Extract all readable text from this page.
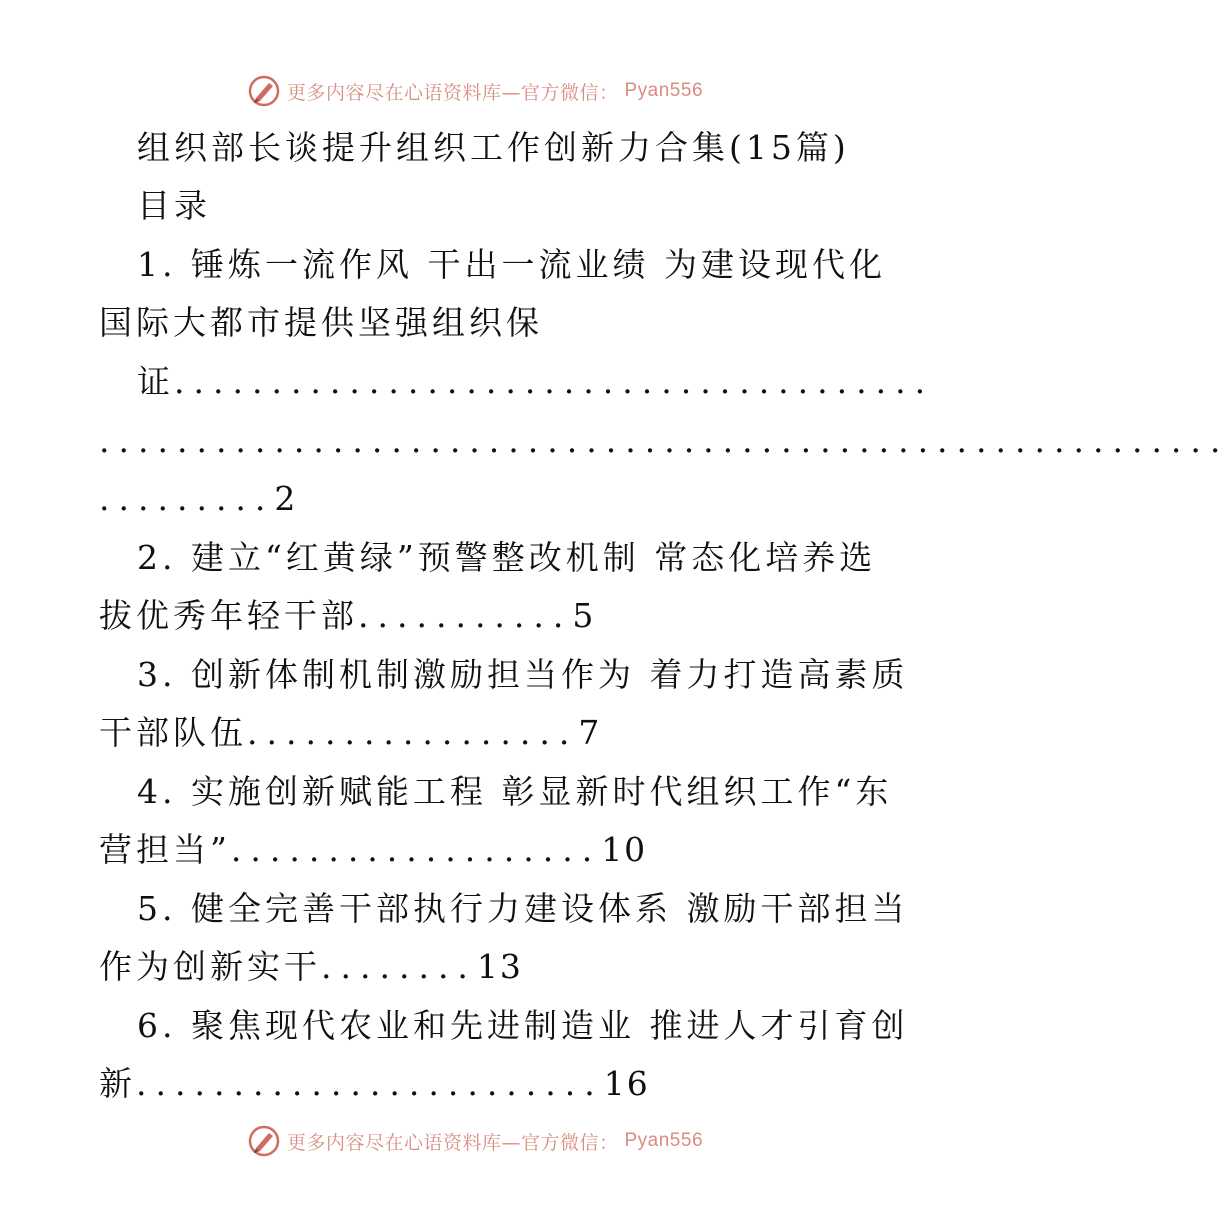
更多内容尽在心语资料库—官方微信： Pyan556
组织部长谈提升组织工作创新力合集(15篇)
目录
1. 锤炼一流作风 干出一流业绩 为建设现代化
国际大都市提供坚强组织保
证.......................................
..........................................................
.........2
2. 建立“红黄绿”预警整改机制 常态化培养选
拔优秀年轻干部...........5
3. 创新体制机制激励担当作为 着力打造高素质
干部队伍.................7
4. 实施创新赋能工程 彰显新时代组织工作“东
营担当”...................10
5. 健全完善干部执行力建设体系 激励干部担当
作为创新实干........13
6. 聚焦现代农业和先进制造业 推进人才引育创
新........................16
更多内容尽在心语资料库—官方微信： Pyan556
